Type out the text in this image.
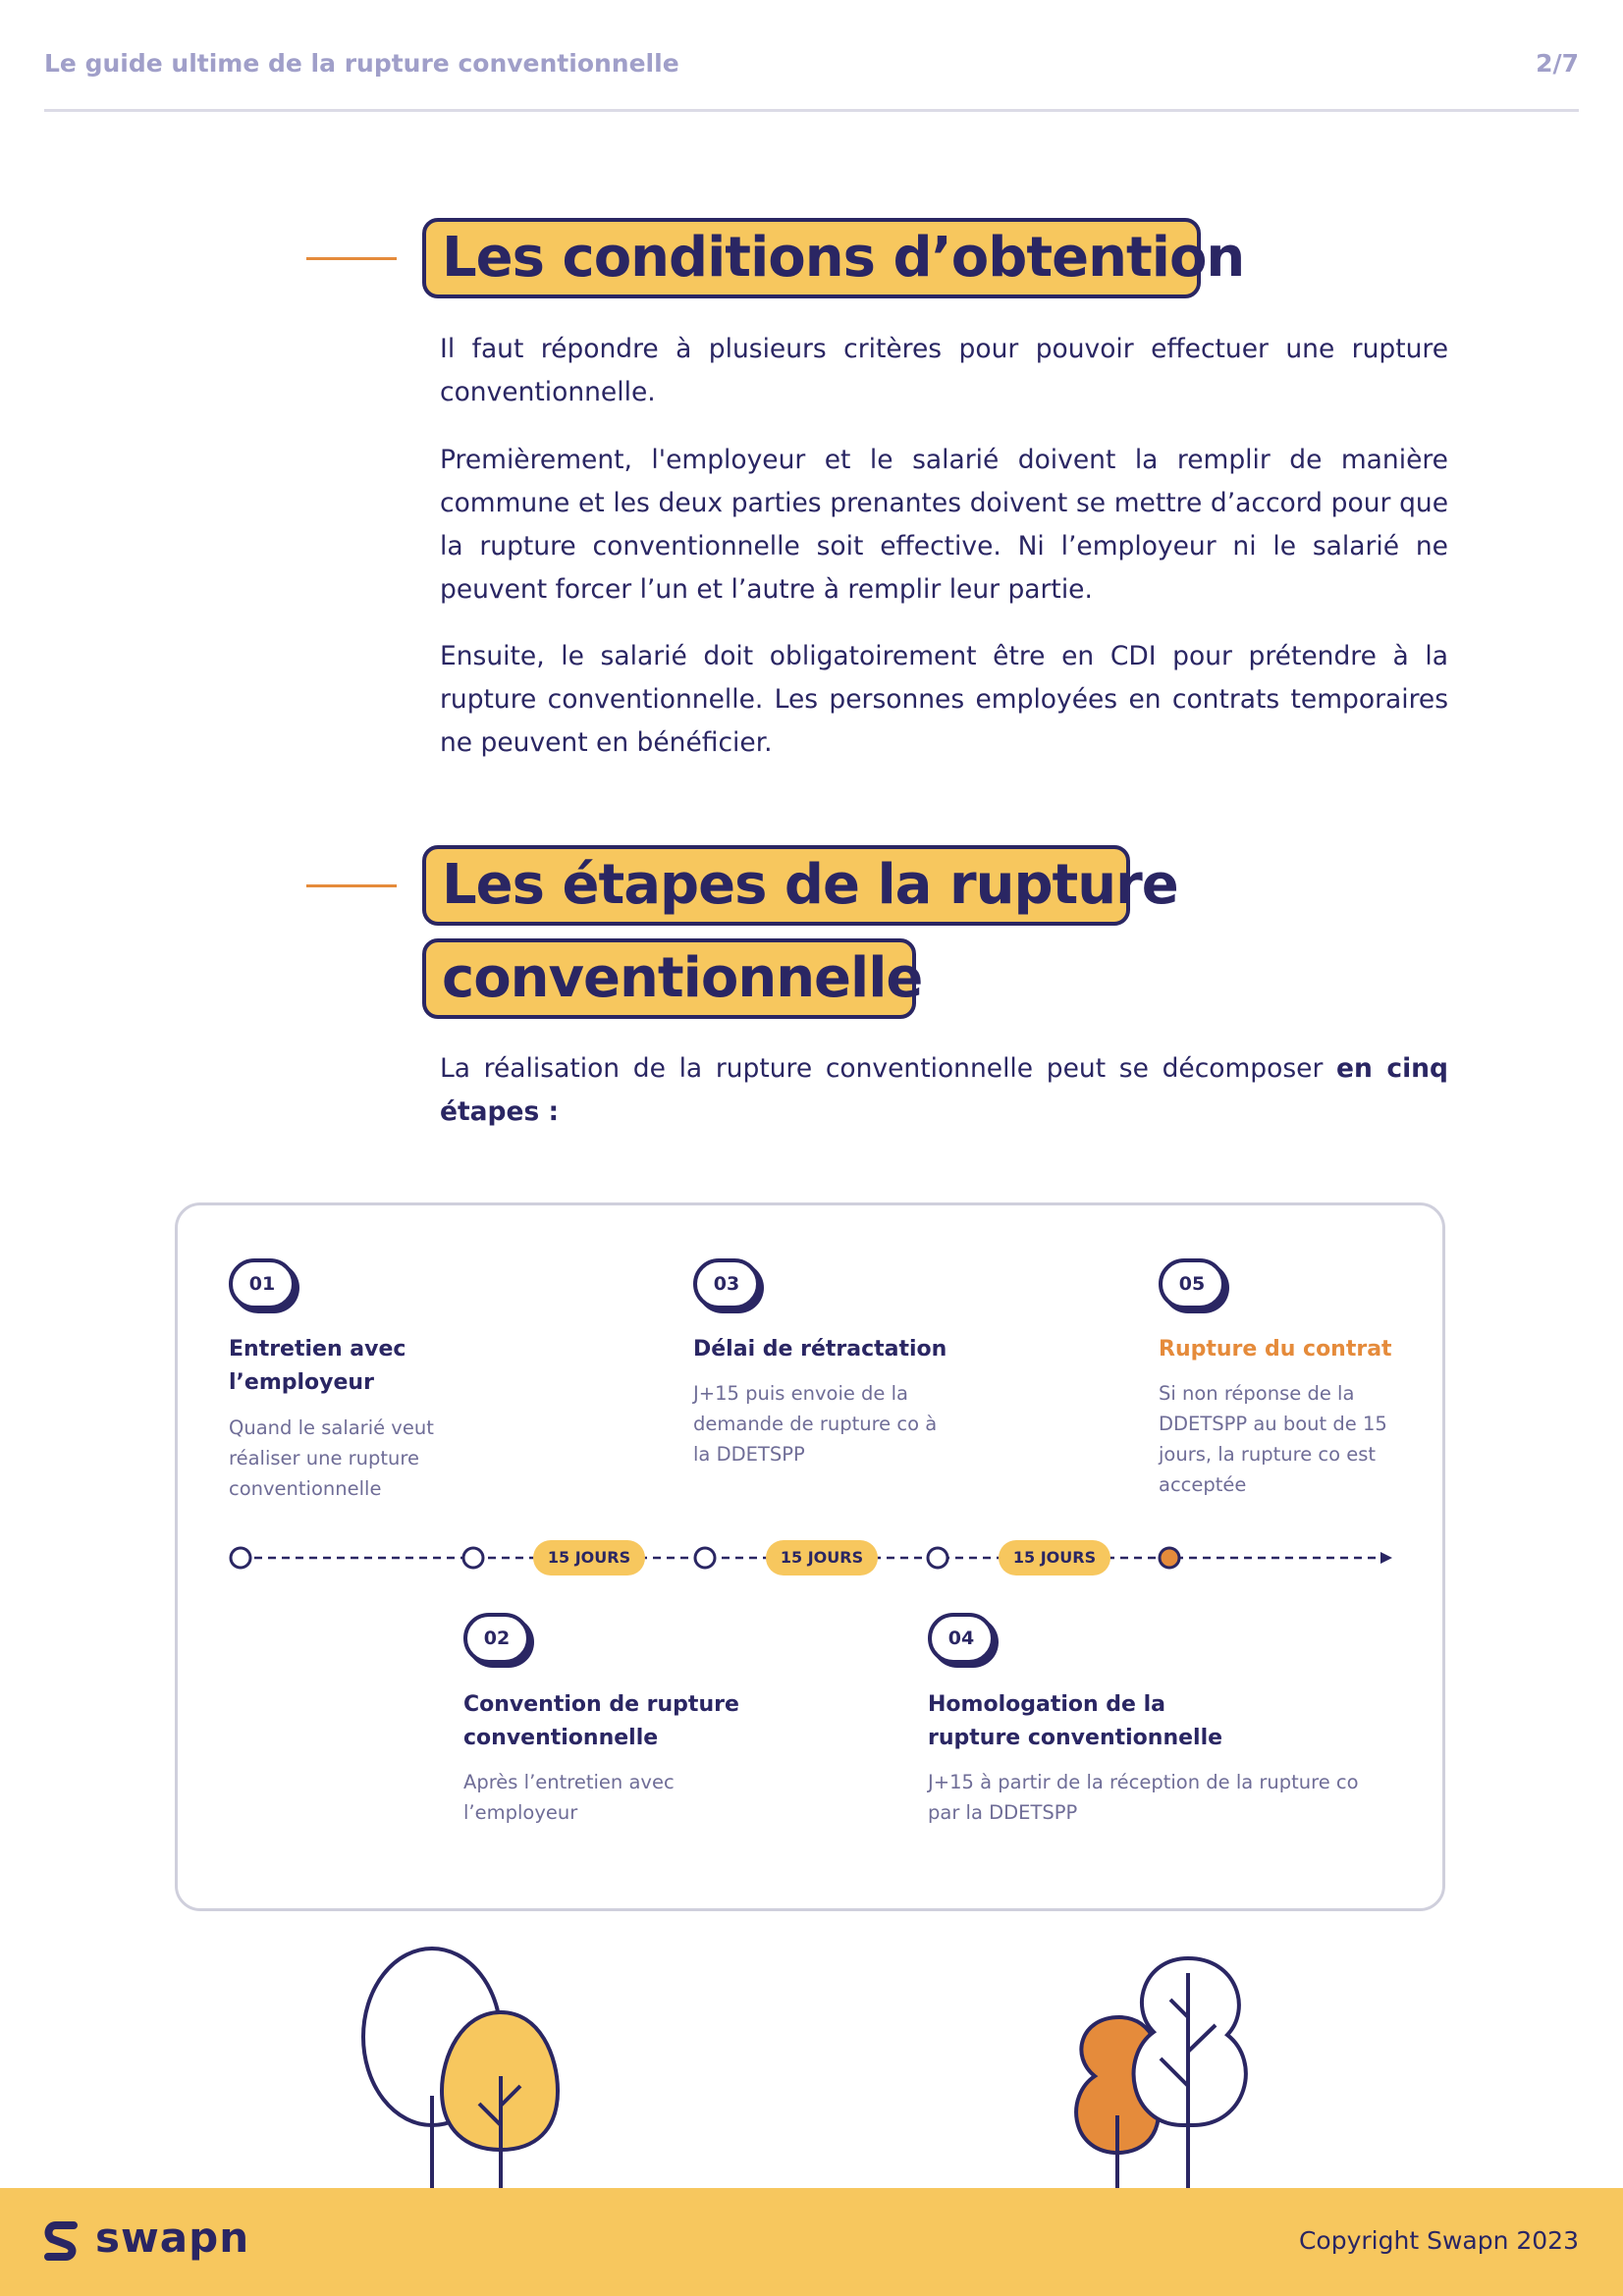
Le guide ultime de la rupture conventionnelle	2/7
Les conditions d’obtention
Il faut répondre à plusieurs critères pour pouvoir effectuer une rupture conventionnelle.
Premièrement, l'employeur et le salarié doivent la remplir de manière commune et les deux parties prenantes doivent se mettre d’accord pour que la rupture conventionnelle soit effective. Ni l’employeur ni le salarié ne peuvent forcer l’un et l’autre à remplir leur partie.
Ensuite, le salarié doit obligatoirement être en CDI pour prétendre à la rupture conventionnelle. Les personnes employées en contrats temporaires ne peuvent en bénéficier.
Les étapes de la rupture
conventionnelle
La réalisation de la rupture conventionnelle peut se décomposer en cinq étapes :
01
Entretien avec l’employeur
Quand le salarié veut réaliser une rupture conventionnelle
03
Délai de rétractation
J+15 puis envoie de la demande de rupture co à la DDETSPP
05
Rupture du contrat
Si non réponse de la DDETSPP au bout de 15 jours, la rupture co est acceptée
15 JOURS	15 JOURS	15 JOURS
02
Convention de rupture conventionnelle
Après l’entretien avec l’employeur
04
Homologation de la rupture conventionnelle
J+15 à partir de la réception de la rupture co par la DDETSPP
swapn	Copyright Swapn 2023
